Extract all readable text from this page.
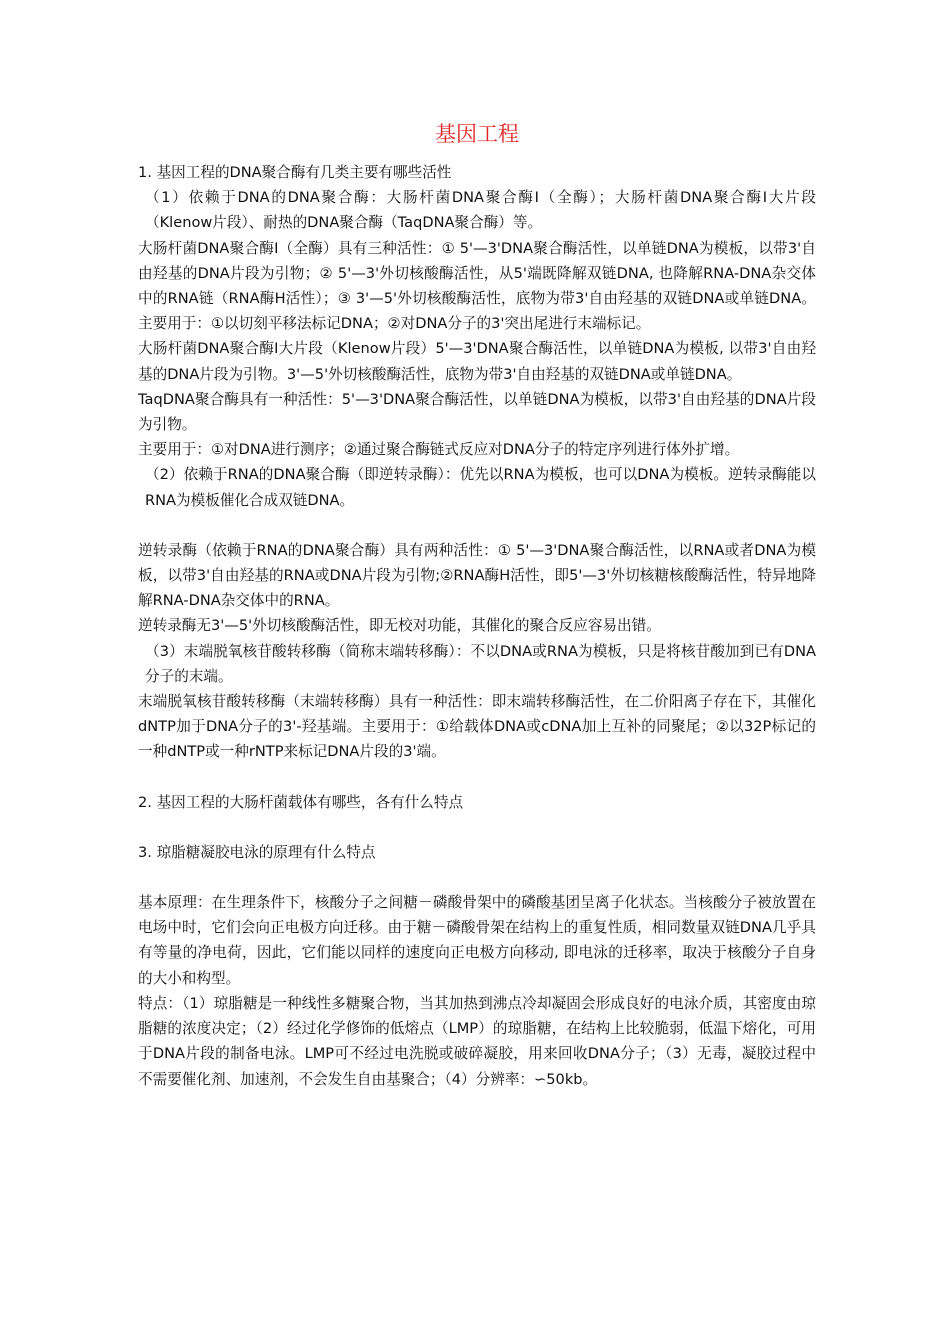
基因工程

1. 基因工程的DNA聚合酶有几类主要有哪些活性

（1）依赖于DNA的DNA聚合酶：大肠杆菌DNA聚合酶Ⅰ（全酶）；大肠杆菌DNA聚合酶Ⅰ大片段（Klenow片段）、耐热的DNA聚合酶（TaqDNA聚合酶）等。

大肠杆菌DNA聚合酶Ⅰ（全酶）具有三种活性：① 5'—3'DNA聚合酶活性，以单链DNA为模板，以带3'自由羟基的DNA片段为引物；② 5'—3'外切核酸酶活性，从5'端既降解双链DNA, 也降解RNA-DNA杂交体中的RNA链（RNA酶H活性）；③ 3'—5'外切核酸酶活性，底物为带3'自由羟基的双链DNA或单链DNA。主要用于：①以切刻平移法标记DNA；②对DNA分子的3'突出尾进行末端标记。

大肠杆菌DNA聚合酶Ⅰ大片段（Klenow片段）5'—3'DNA聚合酶活性，以单链DNA为模板, 以带3'自由羟基的DNA片段为引物。3'—5'外切核酸酶活性，底物为带3'自由羟基的双链DNA或单链DNA。

TaqDNA聚合酶具有一种活性：5'—3'DNA聚合酶活性，以单链DNA为模板，以带3'自由羟基的DNA片段为引物。

主要用于：①对DNA进行测序；②通过聚合酶链式反应对DNA分子的特定序列进行体外扩增。

（2）依赖于RNA的DNA聚合酶（即逆转录酶）：优先以RNA为模板，也可以DNA为模板。逆转录酶能以RNA为模板催化合成双链DNA。

逆转录酶（依赖于RNA的DNA聚合酶）具有两种活性：① 5'—3'DNA聚合酶活性，以RNA或者DNA为模板，以带3'自由羟基的RNA或DNA片段为引物;②RNA酶H活性，即5'—3'外切核糖核酸酶活性，特异地降解RNA-DNA杂交体中的RNA。

逆转录酶无3'—5'外切核酸酶活性，即无校对功能，其催化的聚合反应容易出错。

（3）末端脱氧核苷酸转移酶（简称末端转移酶）：不以DNA或RNA为模板，只是将核苷酸加到已有DNA分子的末端。

末端脱氧核苷酸转移酶（末端转移酶）具有一种活性：即末端转移酶活性，在二价阳离子存在下，其催化dNTP加于DNA分子的3'-羟基端。主要用于：①给载体DNA或cDNA加上互补的同聚尾；②以32P标记的一种dNTP或一种rNTP来标记DNA片段的3'端。

2. 基因工程的大肠杆菌载体有哪些，各有什么特点

3. 琼脂糖凝胶电泳的原理有什么特点

基本原理：在生理条件下，核酸分子之间糖－磷酸骨架中的磷酸基团呈离子化状态。当核酸分子被放置在电场中时，它们会向正电极方向迁移。由于糖－磷酸骨架在结构上的重复性质，相同数量双链DNA几乎具有等量的净电荷，因此，它们能以同样的速度向正电极方向移动, 即电泳的迁移率，取决于核酸分子自身的大小和构型。

特点：（1）琼脂糖是一种线性多糖聚合物，当其加热到沸点冷却凝固会形成良好的电泳介质，其密度由琼脂糖的浓度决定；（2）经过化学修饰的低熔点（LMP）的琼脂糖，在结构上比较脆弱，低温下熔化，可用于DNA片段的制备电泳。LMP可不经过电洗脱或破碎凝胶，用来回收DNA分子；（3）无毒，凝胶过程中不需要催化剂、加速剂，不会发生自由基聚合；（4）分辨率：∽50kb。
